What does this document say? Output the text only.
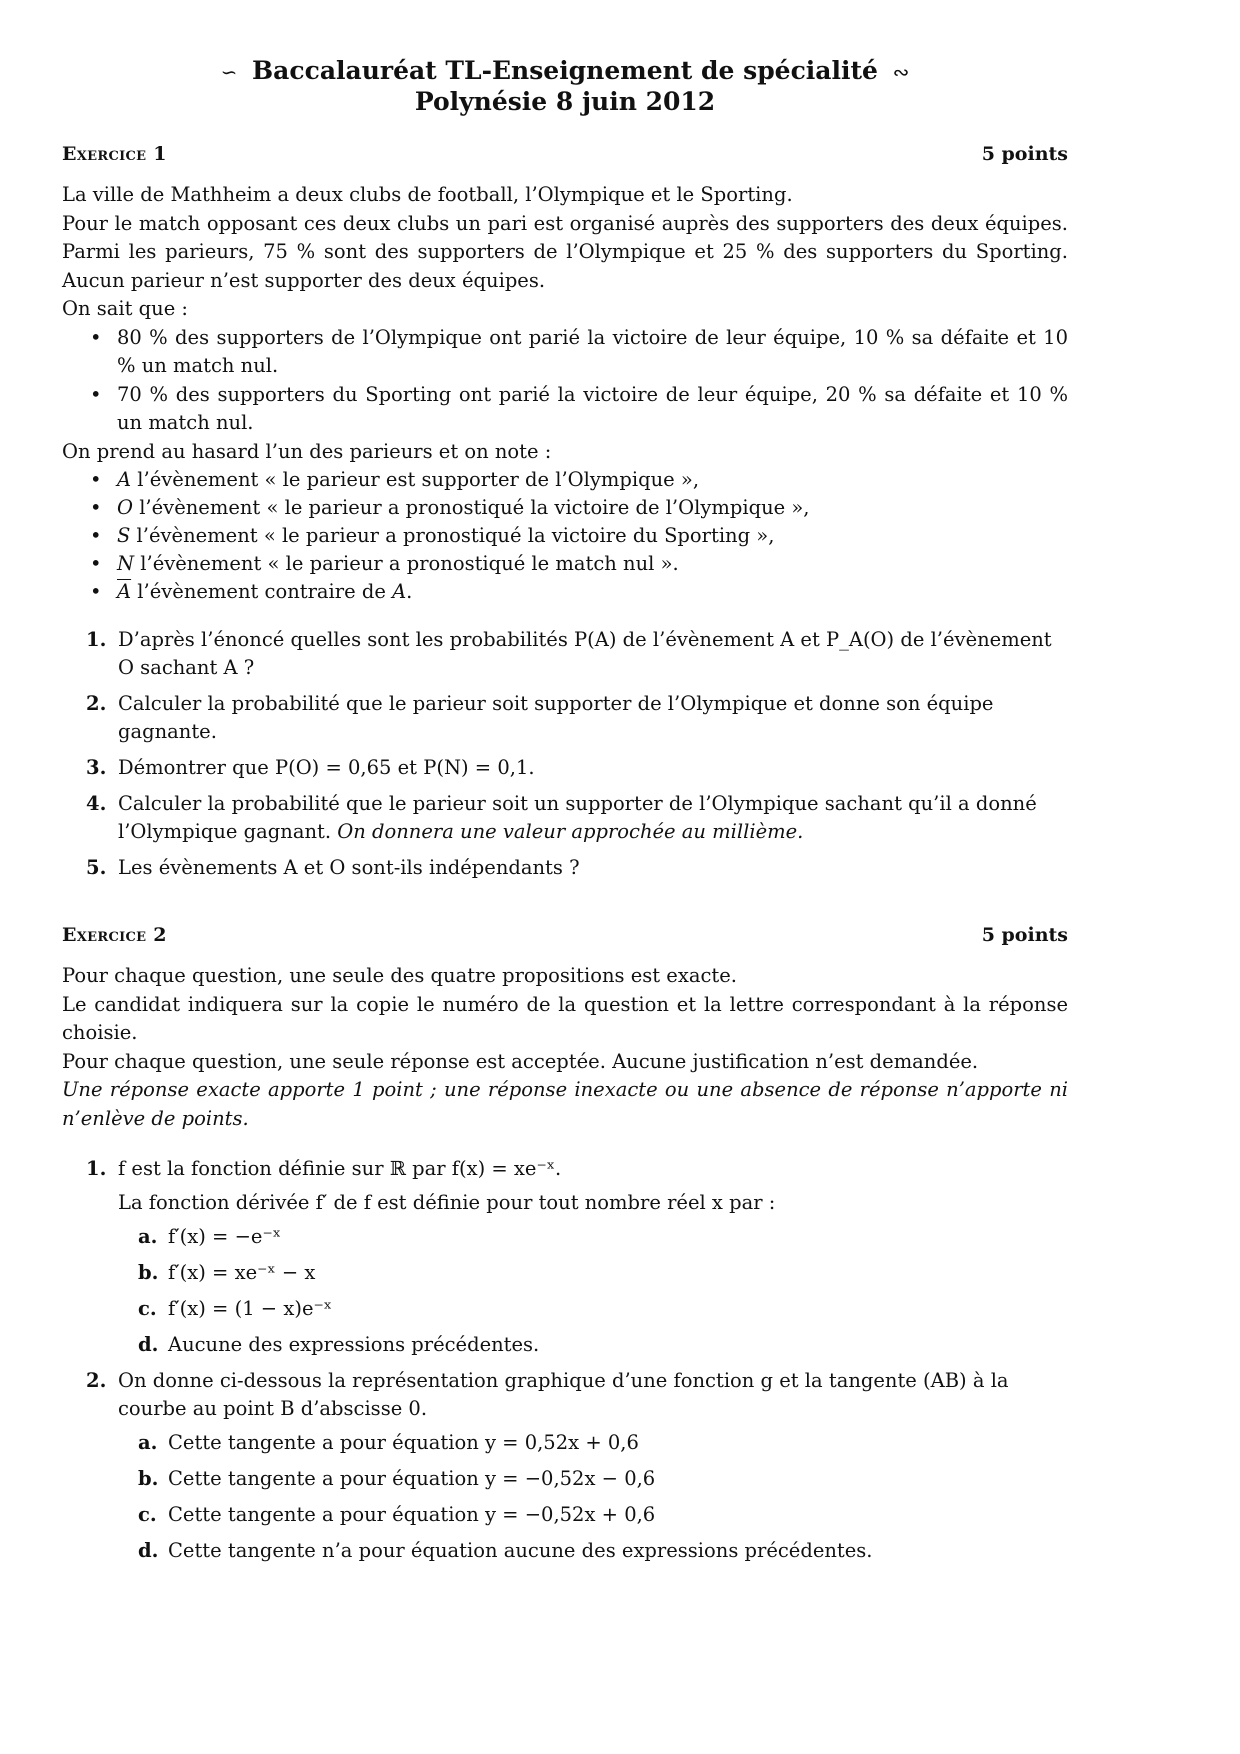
∽ Baccalauréat TL-Enseignement de spécialité ∾
Polynésie 8 juin 2012
Exercice 1	5 points

La ville de Mathheim a deux clubs de football, l’Olympique et le Sporting.

Pour le match opposant ces deux clubs un pari est organisé auprès des supporters des deux équipes. Parmi les parieurs, 75 % sont des supporters de l’Olympique et 25 % des supporters du Sporting. Aucun parieur n’est supporter des deux équipes.

On sait que :

• 80 % des supporters de l’Olympique ont parié la victoire de leur équipe, 10 % sa défaite et 10 % un match nul.
• 70 % des supporters du Sporting ont parié la victoire de leur équipe, 20 % sa défaite et 10 % un match nul.

On prend au hasard l’un des parieurs et on note :

• A l’évènement « le parieur est supporter de l’Olympique »,
• O l’évènement « le parieur a pronostiqué la victoire de l’Olympique »,
• S l’évènement « le parieur a pronostiqué la victoire du Sporting »,
• N l’évènement « le parieur a pronostiqué le match nul ».
• $\overline{A}$ l’évènement contraire de A.
1. D’après l’énoncé quelles sont les probabilités P(A) de l’évènement A et P_A(O) de l’évènement O sachant A ?
2. Calculer la probabilité que le parieur soit supporter de l’Olympique et donne son équipe gagnante.
3. Démontrer que P(O) = 0,65 et P(N) = 0,1.
4. Calculer la probabilité que le parieur soit un supporter de l’Olympique sachant qu’il a donné l’Olympique gagnant. On donnera une valeur approchée au millième.
5. Les évènements A et O sont-ils indépendants ?
Exercice 2	5 points

Pour chaque question, une seule des quatre propositions est exacte.

Le candidat indiquera sur la copie le numéro de la question et la lettre correspondant à la réponse choisie.

Pour chaque question, une seule réponse est acceptée. Aucune justification n’est demandée.

Une réponse exacte apporte 1 point ; une réponse inexacte ou une absence de réponse n’apporte ni n’enlève de points.

1. f est la fonction définie sur ℝ par f(x) = xe⁻ˣ.
La fonction dérivée f′ de f est définie pour tout nombre réel x par :
a. f′(x) = −e⁻ˣ
b. f′(x) = xe⁻ˣ − x
c. f′(x) = (1 − x)e⁻ˣ
d. Aucune des expressions précédentes.
2. On donne ci-dessous la représentation graphique d’une fonction g et la tangente (AB) à la courbe au point B d’abscisse 0.
a. Cette tangente a pour équation y = 0,52x + 0,6
b. Cette tangente a pour équation y = −0,52x − 0,6
c. Cette tangente a pour équation y = −0,52x + 0,6
d. Cette tangente n’a pour équation aucune des expressions précédentes.
